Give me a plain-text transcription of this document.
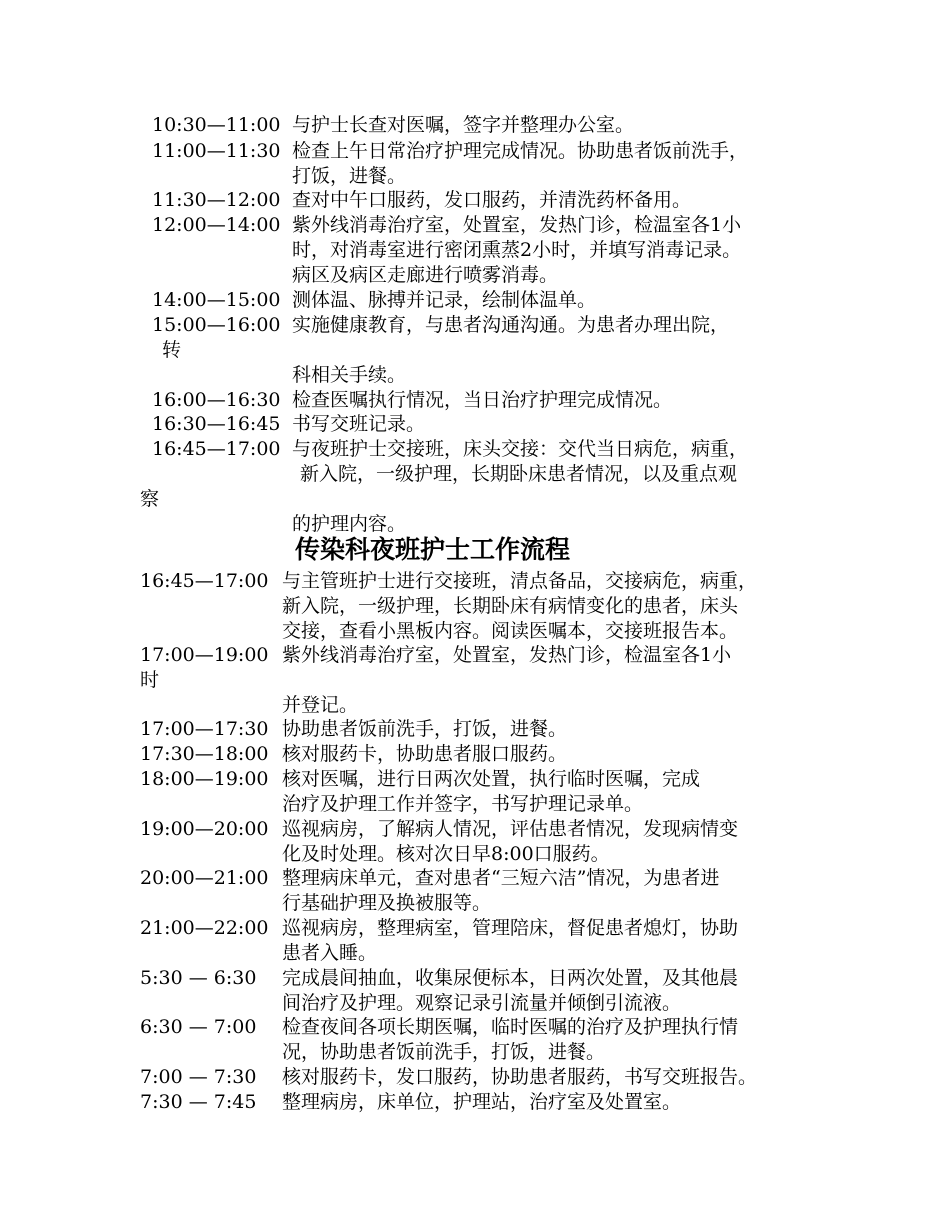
10:30—11:00 与护士长查对医嘱，签字并整理办公室。
11:00—11:30 检查上午日常治疗护理完成情况。协助患者饭前洗手，
打饭，进餐。
11:30—12:00 查对中午口服药，发口服药，并清洗药杯备用。
12:00—14:00 紫外线消毒治疗室，处置室，发热门诊，检温室各1小
时，对消毒室进行密闭熏蒸2小时，并填写消毒记录。
病区及病区走廊进行喷雾消毒。
14:00—15:00 测体温、脉搏并记录，绘制体温单。
15:00—16:00 实施健康教育，与患者沟通沟通。为患者办理出院，
转
科相关手续。
16:00—16:30 检查医嘱执行情况，当日治疗护理完成情况。
16:30—16:45 书写交班记录。
16:45—17:00 与夜班护士交接班，床头交接：交代当日病危，病重，
新入院，一级护理，长期卧床患者情况，以及重点观
察
的护理内容。
传染科夜班护士工作流程
16:45—17:00 与主管班护士进行交接班，清点备品，交接病危，病重，
新入院，一级护理，长期卧床有病情变化的患者，床头
交接，查看小黑板内容。阅读医嘱本，交接班报告本。
17:00—19:00 紫外线消毒治疗室，处置室，发热门诊，检温室各1小
时
并登记。
17:00—17:30 协助患者饭前洗手，打饭，进餐。
17:30—18:00 核对服药卡，协助患者服口服药。
18:00—19:00 核对医嘱，进行日两次处置，执行临时医嘱，完成
治疗及护理工作并签字，书写护理记录单。
19:00—20:00 巡视病房，了解病人情况，评估患者情况，发现病情变
化及时处理。核对次日早8:00口服药。
20:00—21:00 整理病床单元，查对患者“三短六洁”情况，为患者进
行基础护理及换被服等。
21:00—22:00 巡视病房，整理病室，管理陪床，督促患者熄灯，协助
患者入睡。
5:30 — 6:30 完成晨间抽血，收集尿便标本，日两次处置，及其他晨
间治疗及护理。观察记录引流量并倾倒引流液。
6:30 — 7:00 检查夜间各项长期医嘱，临时医嘱的治疗及护理执行情
况，协助患者饭前洗手，打饭，进餐。
7:00 — 7:30 核对服药卡，发口服药，协助患者服药，书写交班报告。
7:30 — 7:45 整理病房，床单位，护理站，治疗室及处置室。
